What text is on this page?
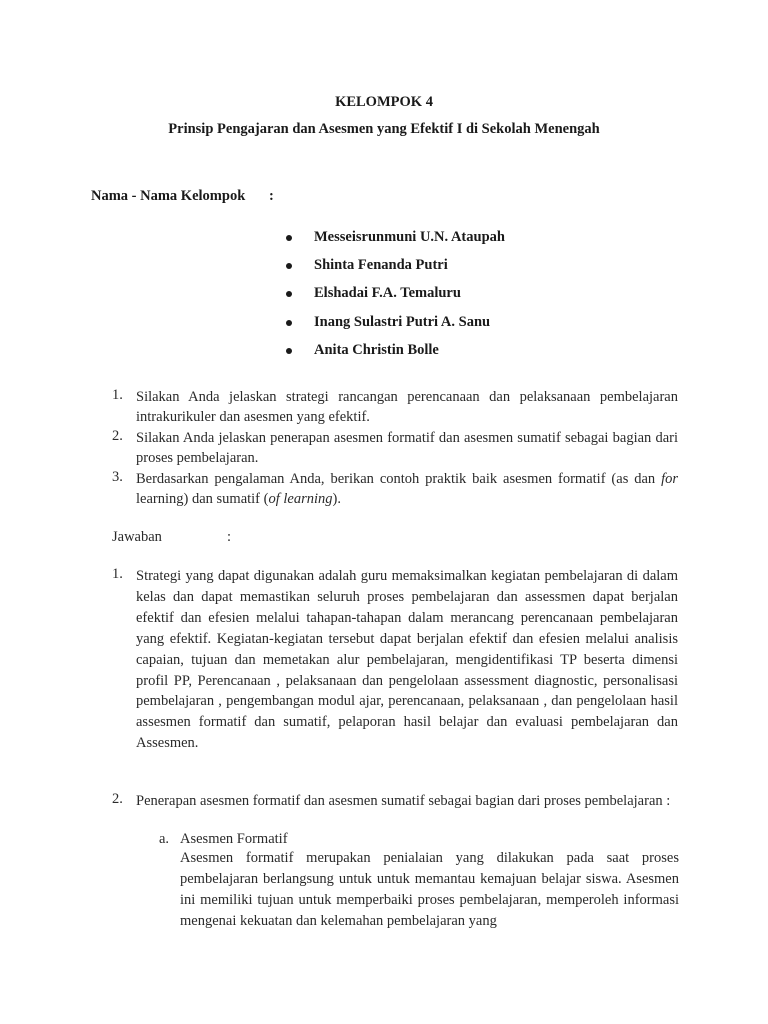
KELOMPOK 4
Prinsip Pengajaran dan Asesmen yang Efektif I di Sekolah Menengah
Nama - Nama Kelompok :
Messeisrunmuni U.N. Ataupah
Shinta Fenanda Putri
Elshadai F.A. Temaluru
Inang Sulastri Putri A. Sanu
Anita Christin Bolle
1. Silakan Anda jelaskan strategi rancangan perencanaan dan pelaksanaan pembelajaran intrakurikuler dan asesmen yang efektif.
2. Silakan Anda jelaskan penerapan asesmen formatif dan asesmen sumatif sebagai bagian dari proses pembelajaran.
3. Berdasarkan pengalaman Anda, berikan contoh praktik baik asesmen formatif (as dan for learning) dan sumatif (of learning).
Jawaban	:
1. Strategi yang dapat digunakan adalah guru memaksimalkan kegiatan pembelajaran di dalam kelas dan dapat memastikan seluruh proses pembelajaran dan assessmen dapat berjalan efektif dan efesien melalui tahapan-tahapan dalam merancang perencanaan pembelajaran yang efektif. Kegiatan-kegiatan tersebut dapat berjalan efektif dan efesien melalui analisis capaian, tujuan dan memetakan alur pembelajaran, mengidentifikasi TP beserta dimensi profil PP, Perencanaan , pelaksanaan dan pengelolaan assessment diagnostic, personalisasi pembelajaran , pengembangan modul ajar, perencanaan, pelaksanaan , dan pengelolaan hasil assesmen formatif dan sumatif, pelaporan hasil belajar dan evaluasi pembelajaran dan Assesmen.
2. Penerapan asesmen formatif dan asesmen sumatif sebagai bagian dari proses pembelajaran :
a. Asesmen Formatif
Asesmen formatif merupakan penialaian yang dilakukan pada saat proses pembelajaran berlangsung untuk untuk memantau kemajuan belajar siswa. Asesmen ini memiliki tujuan untuk memperbaiki proses pembelajaran, memperoleh informasi mengenai kekuatan dan kelemahan pembelajaran yang
